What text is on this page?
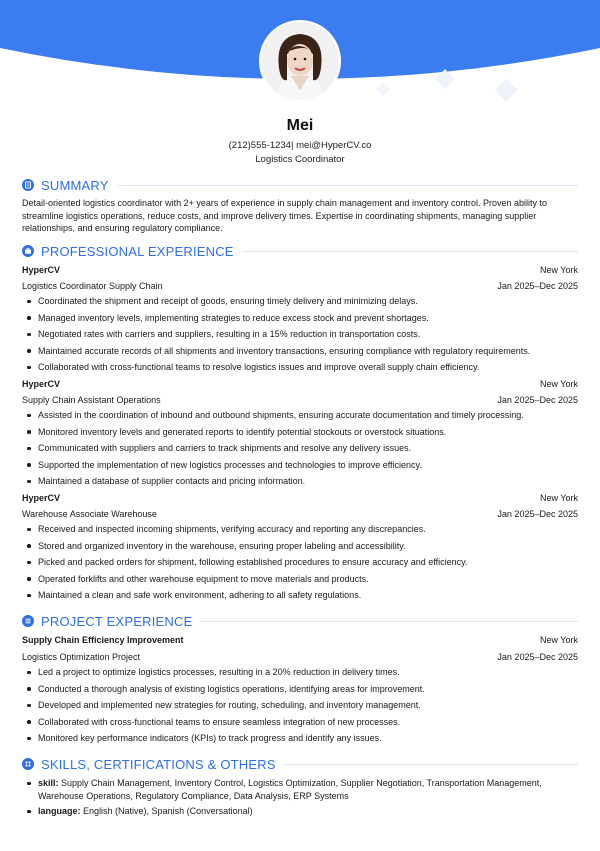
Mei
(212)555-1234| mei@HyperCV.co
Logistics Coordinator
SUMMARY
Detail-oriented logistics coordinator with 2+ years of experience in supply chain management and inventory control. Proven ability to streamline logistics operations, reduce costs, and improve delivery times. Expertise in coordinating shipments, managing supplier relationships, and ensuring regulatory compliance.
PROFESSIONAL EXPERIENCE
HyperCV	New York
Logistics Coordinator Supply Chain	Jan 2025–Dec 2025
Coordinated the shipment and receipt of goods, ensuring timely delivery and minimizing delays.
Managed inventory levels, implementing strategies to reduce excess stock and prevent shortages.
Negotiated rates with carriers and suppliers, resulting in a 15% reduction in transportation costs.
Maintained accurate records of all shipments and inventory transactions, ensuring compliance with regulatory requirements.
Collaborated with cross-functional teams to resolve logistics issues and improve overall supply chain efficiency.
HyperCV	New York
Supply Chain Assistant Operations	Jan 2025–Dec 2025
Assisted in the coordination of inbound and outbound shipments, ensuring accurate documentation and timely processing.
Monitored inventory levels and generated reports to identify potential stockouts or overstock situations.
Communicated with suppliers and carriers to track shipments and resolve any delivery issues.
Supported the implementation of new logistics processes and technologies to improve efficiency.
Maintained a database of supplier contacts and pricing information.
HyperCV	New York
Warehouse Associate Warehouse	Jan 2025–Dec 2025
Received and inspected incoming shipments, verifying accuracy and reporting any discrepancies.
Stored and organized inventory in the warehouse, ensuring proper labeling and accessibility.
Picked and packed orders for shipment, following established procedures to ensure accuracy and efficiency.
Operated forklifts and other warehouse equipment to move materials and products.
Maintained a clean and safe work environment, adhering to all safety regulations.
PROJECT EXPERIENCE
Supply Chain Efficiency Improvement	New York
Logistics Optimization Project	Jan 2025–Dec 2025
Led a project to optimize logistics processes, resulting in a 20% reduction in delivery times.
Conducted a thorough analysis of existing logistics operations, identifying areas for improvement.
Developed and implemented new strategies for routing, scheduling, and inventory management.
Collaborated with cross-functional teams to ensure seamless integration of new processes.
Monitored key performance indicators (KPIs) to track progress and identify any issues.
SKILLS, CERTIFICATIONS & OTHERS
skill: Supply Chain Management, Inventory Control, Logistics Optimization, Supplier Negotiation, Transportation Management, Warehouse Operations, Regulatory Compliance, Data Analysis, ERP Systems
language: English (Native), Spanish (Conversational)
